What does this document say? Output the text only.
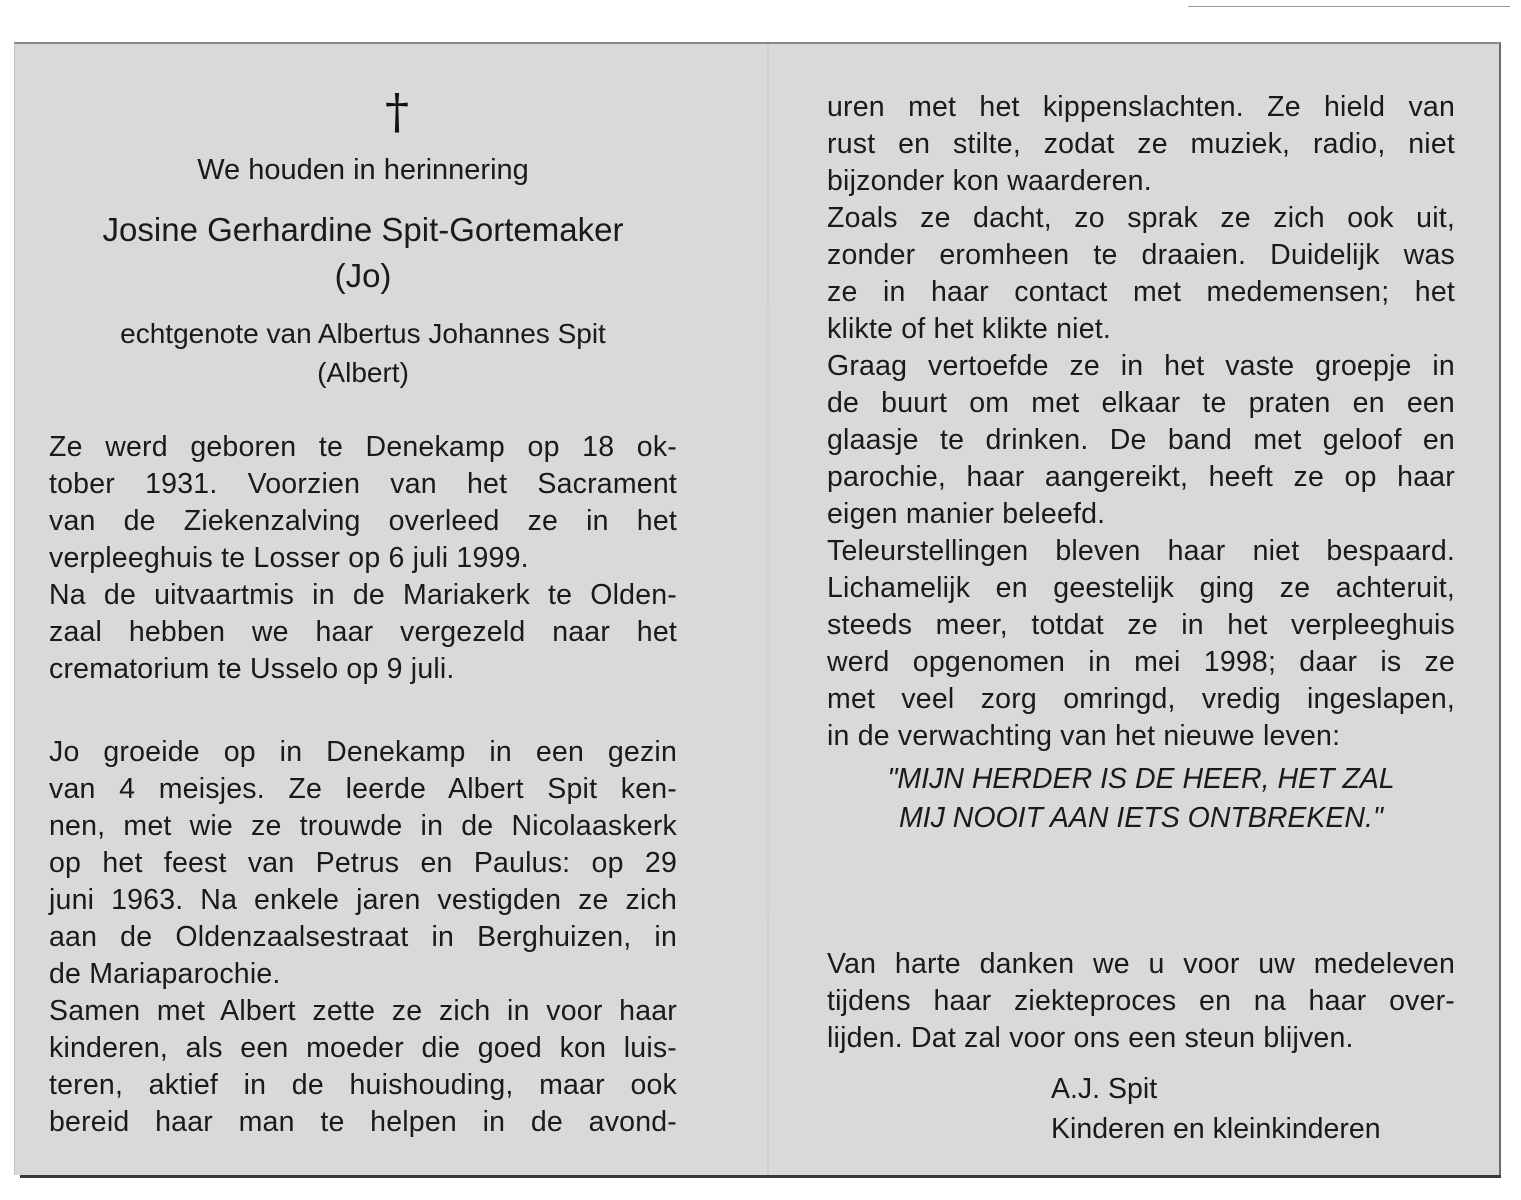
†
We houden in herinnering
Josine Gerhardine Spit-Gortemaker
(Jo)
echtgenote van Albertus Johannes Spit
(Albert)
Ze werd geboren te Denekamp op 18 ok-
tober 1931. Voorzien van het Sacrament
van de Ziekenzalving overleed ze in het
verpleeghuis te Losser op 6 juli 1999.
Na de uitvaartmis in de Mariakerk te Olden-
zaal hebben we haar vergezeld naar het
crematorium te Usselo op 9 juli.
Jo groeide op in Denekamp in een gezin
van 4 meisjes. Ze leerde Albert Spit ken-
nen, met wie ze trouwde in de Nicolaaskerk
op het feest van Petrus en Paulus: op 29
juni 1963. Na enkele jaren vestigden ze zich
aan de Oldenzaalsestraat in Berghuizen, in
de Mariaparochie.
Samen met Albert zette ze zich in voor haar
kinderen, als een moeder die goed kon luis-
teren, aktief in de huishouding, maar ook
bereid haar man te helpen in de avond-
uren met het kippenslachten. Ze hield van
rust en stilte, zodat ze muziek, radio, niet
bijzonder kon waarderen.
Zoals ze dacht, zo sprak ze zich ook uit,
zonder eromheen te draaien. Duidelijk was
ze in haar contact met medemensen; het
klikte of het klikte niet.
Graag vertoefde ze in het vaste groepje in
de buurt om met elkaar te praten en een
glaasje te drinken. De band met geloof en
parochie, haar aangereikt, heeft ze op haar
eigen manier beleefd.
Teleurstellingen bleven haar niet bespaard.
Lichamelijk en geestelijk ging ze achteruit,
steeds meer, totdat ze in het verpleeghuis
werd opgenomen in mei 1998; daar is ze
met veel zorg omringd, vredig ingeslapen,
in de verwachting van het nieuwe leven:
"MIJN HERDER IS DE HEER, HET ZAL
MIJ NOOIT AAN IETS ONTBREKEN."
Van harte danken we u voor uw medeleven
tijdens haar ziekteproces en na haar over-
lijden. Dat zal voor ons een steun blijven.
A.J. Spit
Kinderen en kleinkinderen
